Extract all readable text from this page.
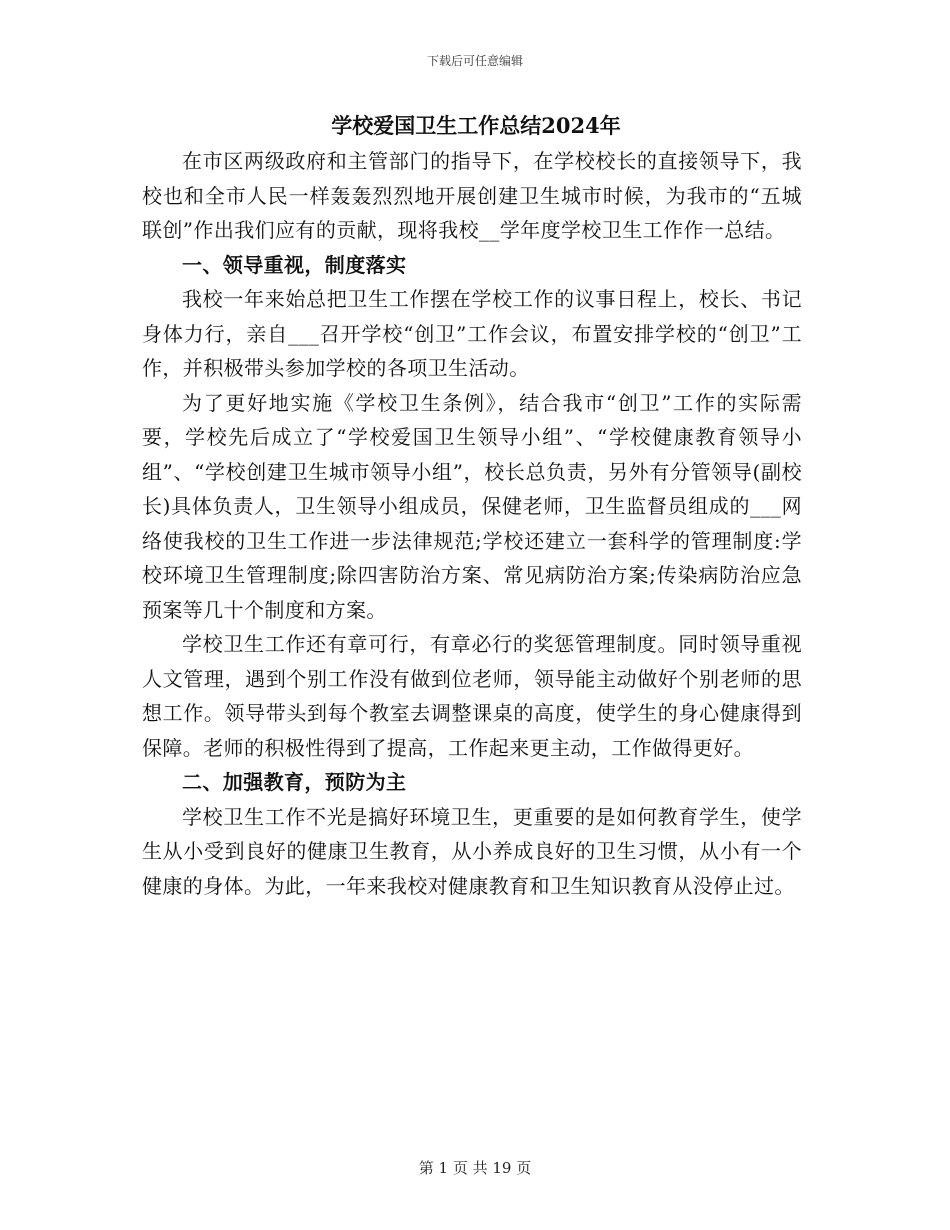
下载后可任意编辑
学校爱国卫生工作总结2024年

在市区两级政府和主管部门的指导下，在学校校长的直接领导下，我校也和全市人民一样轰轰烈烈地开展创建卫生城市时候，为我市的“五城联创”作出我们应有的贡献，现将我校__学年度学校卫生工作作一总结。

一、领导重视，制度落实

我校一年来始总把卫生工作摆在学校工作的议事日程上，校长、书记身体力行，亲自___召开学校“创卫”工作会议，布置安排学校的“创卫”工作，并积极带头参加学校的各项卫生活动。

为了更好地实施《学校卫生条例》，结合我市“创卫”工作的实际需要，学校先后成立了“学校爱国卫生领导小组”、“学校健康教育领导小组”、“学校创建卫生城市领导小组”，校长总负责，另外有分管领导(副校长)具体负责人，卫生领导小组成员，保健老师，卫生监督员组成的___网络使我校的卫生工作进一步法律规范;学校还建立一套科学的管理制度:学校环境卫生管理制度;除四害防治方案、常见病防治方案;传染病防治应急预案等几十个制度和方案。

学校卫生工作还有章可行，有章必行的奖惩管理制度。同时领导重视人文管理，遇到个别工作没有做到位老师，领导能主动做好个别老师的思想工作。领导带头到每个教室去调整课桌的高度，使学生的身心健康得到保障。老师的积极性得到了提高，工作起来更主动，工作做得更好。

二、加强教育，预防为主

学校卫生工作不光是搞好环境卫生，更重要的是如何教育学生，使学生从小受到良好的健康卫生教育，从小养成良好的卫生习惯，从小有一个健康的身体。为此，一年来我校对健康教育和卫生知识教育从没停止过。

第 1 页 共 19 页
